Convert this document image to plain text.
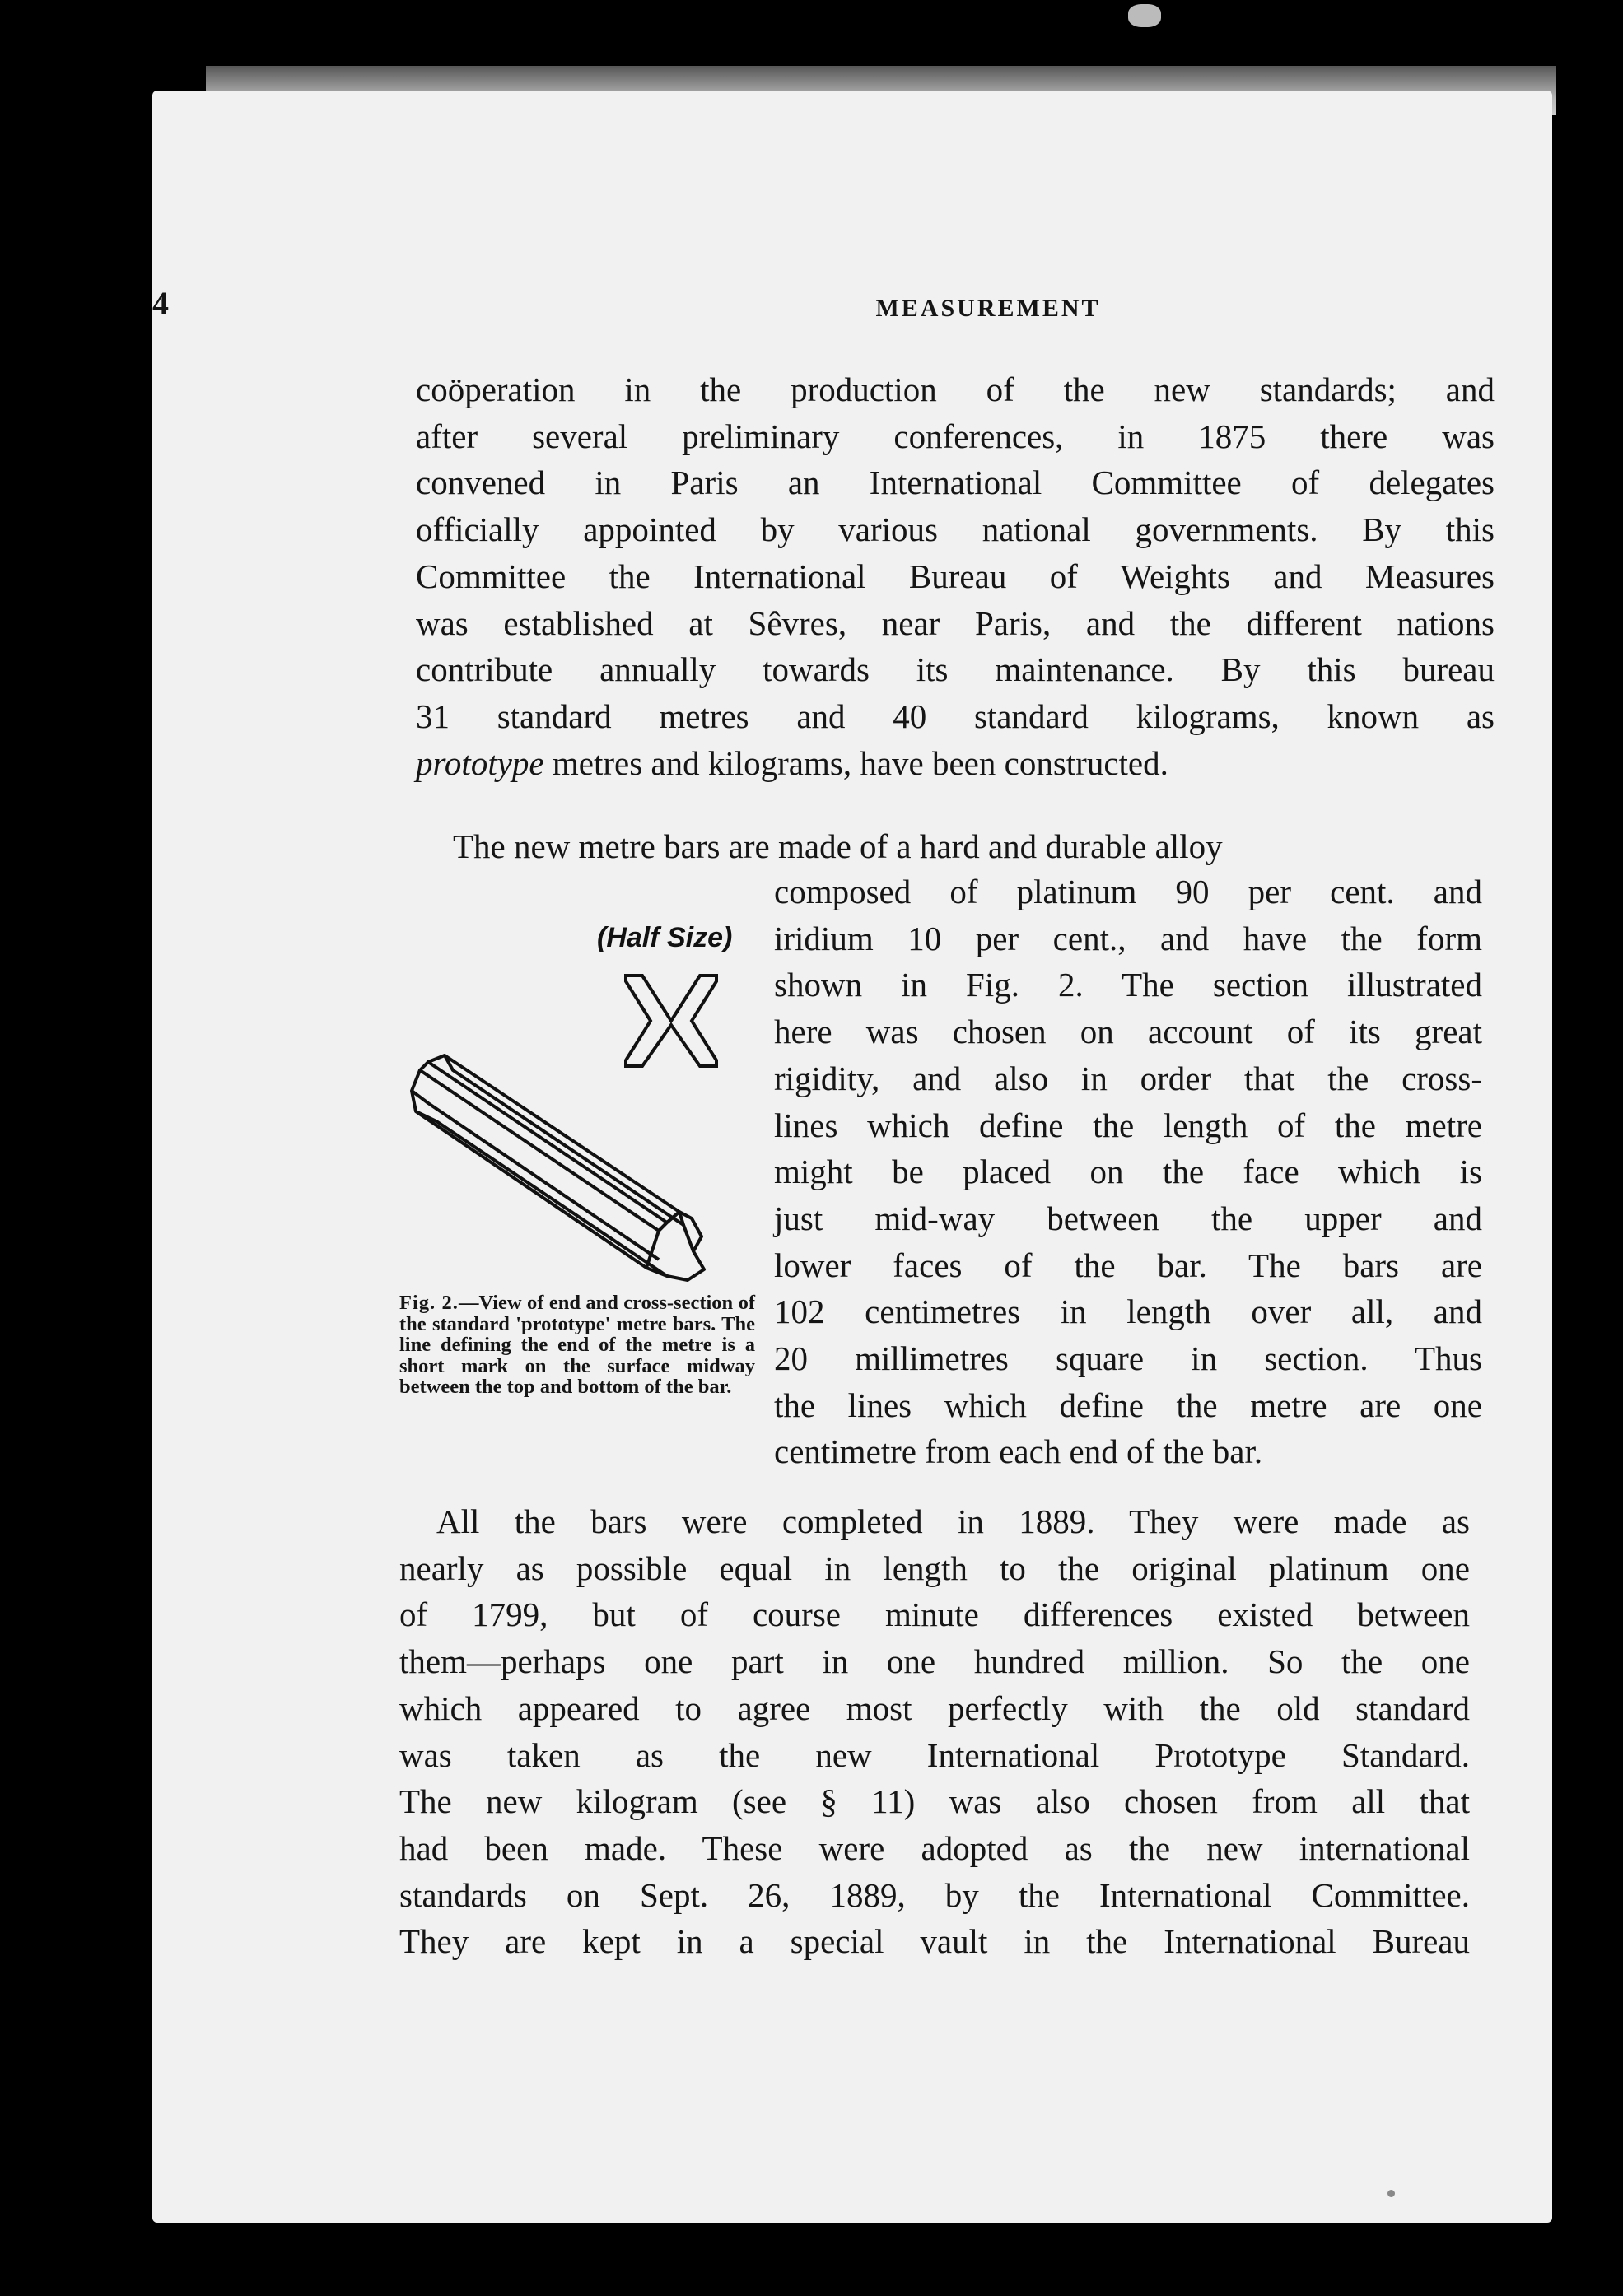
4	MEASUREMENT

coöperation in the production of the new standards; and
after several preliminary conferences, in 1875 there was
convened in Paris an International Committee of delegates
officially appointed by various national governments. By this
Committee the International Bureau of Weights and Measures
was established at Sêvres, near Paris, and the different nations
contribute annually towards its maintenance. By this bureau
31 standard metres and 40 standard kilograms, known as
prototype metres and kilograms, have been constructed.

The new metre bars are made of a hard and durable alloy

composed of platinum 90 per cent. and
iridium 10 per cent., and have the form
shown in Fig. 2. The section illustrated
here was chosen on account of its great
rigidity, and also in order that the cross-
lines which define the length of the metre
might be placed on the face which is
just mid-way between the upper and
lower faces of the bar. The bars are
102 centimetres in length over all, and
20 millimetres square in section. Thus
the lines which define the metre are one
centimetre from each end of the bar.

(Half Size)
Fig. 2.—View of end and cross-section of the standard 'prototype' metre bars. The line defining the end of the metre is a short mark on the surface midway between the top and bottom of the bar.

All the bars were completed in 1889. They were made as
nearly as possible equal in length to the original platinum one
of 1799, but of course minute differences existed between
them—perhaps one part in one hundred million. So the one
which appeared to agree most perfectly with the old standard
was taken as the new International Prototype Standard.
The new kilogram (see § 11) was also chosen from all that
had been made. These were adopted as the new international
standards on Sept. 26, 1889, by the International Committee.
They are kept in a special vault in the International Bureau
